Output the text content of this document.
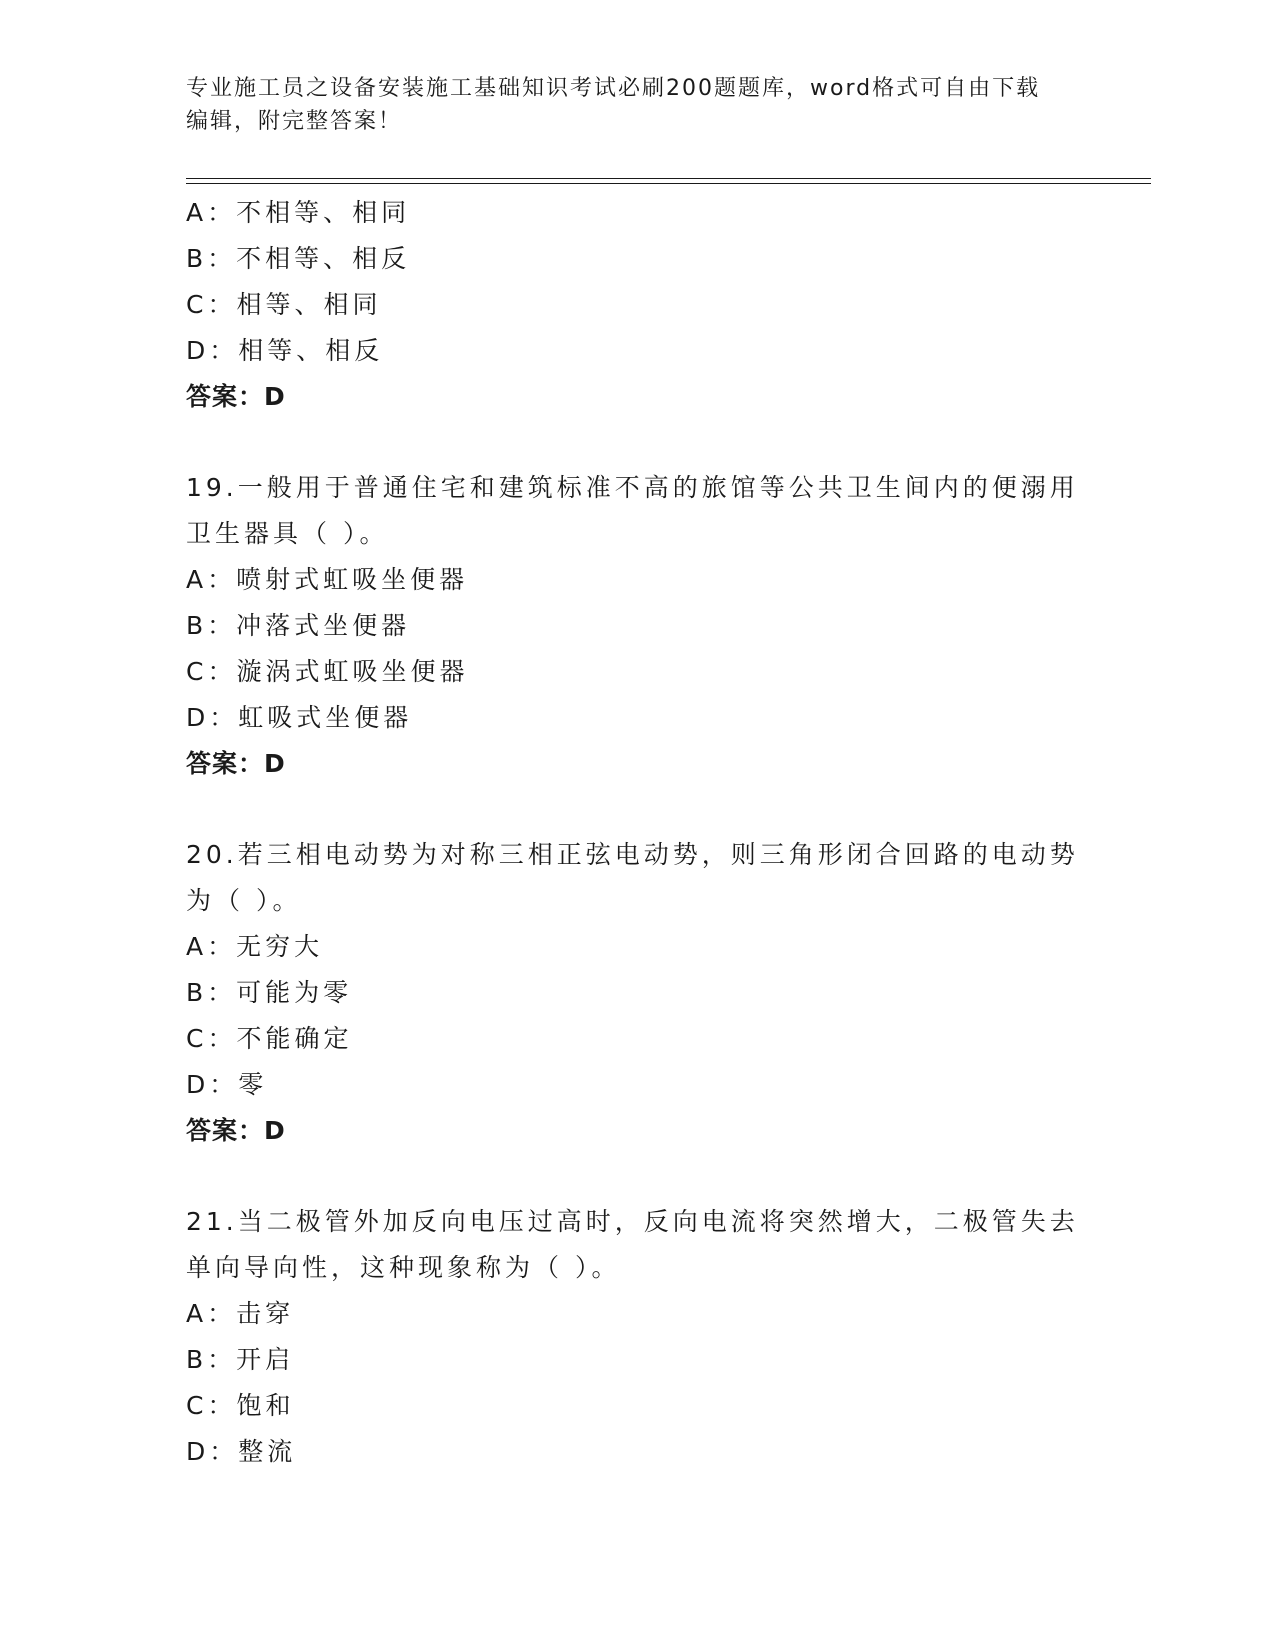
专业施工员之设备安装施工基础知识考试必刷200题题库，word格式可自由下载
编辑，附完整答案！
A：不相等、相同
B：不相等、相反
C：相等、相同
D：相等、相反
答案：D
19.一般用于普通住宅和建筑标准不高的旅馆等公共卫生间内的便溺用
卫生器具（ ）。
A：喷射式虹吸坐便器
B：冲落式坐便器
C：漩涡式虹吸坐便器
D：虹吸式坐便器
答案：D
20.若三相电动势为对称三相正弦电动势，则三角形闭合回路的电动势
为（ ）。
A：无穷大
B：可能为零
C：不能确定
D：零
答案：D
21.当二极管外加反向电压过高时，反向电流将突然增大，二极管失去
单向导向性，这种现象称为（ ）。
A：击穿
B：开启
C：饱和
D：整流
